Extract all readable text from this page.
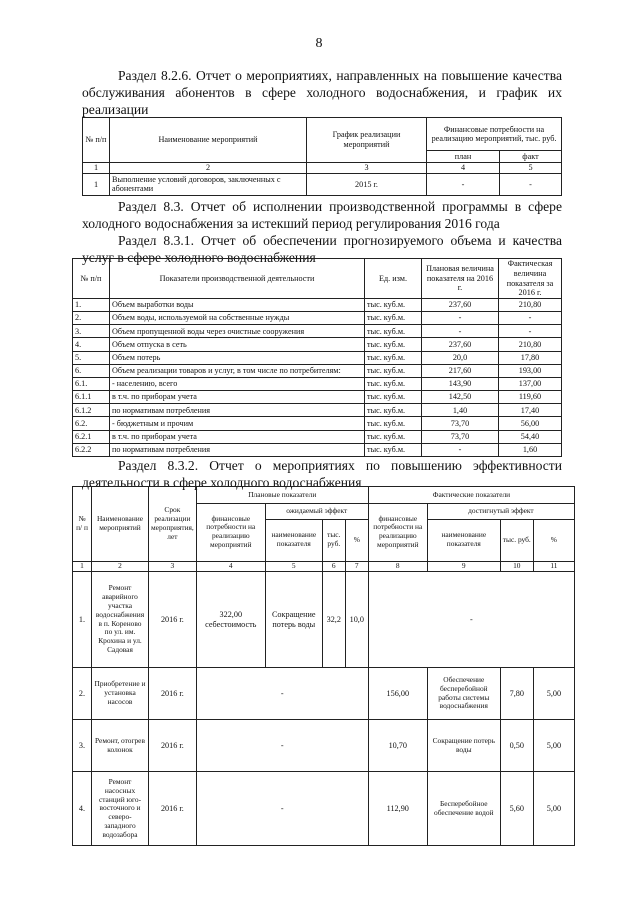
8
Раздел 8.2.6. Отчет о мероприятиях, направленных на повышение качества обслуживания абонентов в сфере холодного водоснабжения, и график их реализации
№ п/п	Наименование мероприятий	График реализации мероприятий	Финансовые потребности на реализацию мероприятий, тыс. руб.	
			план	факт
1	2	3	4	5
1	Выполнение условий договоров, заключенных с абонентами	2015 г.	-	-
Раздел 8.3. Отчет об исполнении производственной программы в сфере холодного водоснабжения за истекший период регулирования 2016 года
Раздел 8.3.1. Отчет об обеспечении прогнозируемого объема и качества услуг в сфере холодного водоснабжения
№ п/п	Показатели производственной деятельности	Ед. изм.	Плановая величина показателя на 2016 г.	Фактическая величина показателя за 2016 г.
1.	Объем выработки воды	тыс. куб.м.	237,60	210,80
2.	Объем воды, используемой на собственные нужды	тыс. куб.м.	-	-
3.	Объем пропущенной воды через очистные сооружения	тыс. куб.м.	-	-
4.	Объем отпуска в сеть	тыс. куб.м.	237,60	210,80
5.	Объем потерь	тыс. куб.м.	20,0	17,80
6.	Объем реализации товаров и услуг, в том числе по потребителям:	тыс. куб.м.	217,60	193,00
6.1.	- населению, всего	тыс. куб.м.	143,90	137,00
6.1.1	в т.ч. по приборам учета	тыс. куб.м.	142,50	119,60
6.1.2	по нормативам потребления	тыс. куб.м.	1,40	17,40
6.2.	- бюджетным и прочим	тыс. куб.м.	73,70	56,00
6.2.1	в т.ч. по приборам учета	тыс. куб.м.	73,70	54,40
6.2.2	по нормативам потребления	тыс. куб.м.	-	1,60
Раздел 8.3.2. Отчет о мероприятиях по повышению эффективности деятельности в сфере холодного водоснабжения
№ п/ п	Наименование мероприятий	Срок реализации мероприятия, лет	Плановые показатели				Фактические показатели			
			финансовые потребности на реализацию мероприятий	ожидаемый эффект			финансовые потребности на реализацию мероприятий	достигнутый эффект		
				наименование показателя	тыс. руб.	%		наименование показателя	тыс. руб.	%
1	2	3	4	5	6	7	8	9	10	11
1.	Ремонт аварийного участка водоснабжения в п. Кореново по ул. им. Крохина и ул. Садовая	2016 г.	322,00 себестоимость	Сокращение потерь воды	32,2	10,0	-			
2.	Приобретение и установка насосов	2016 г.	-				156,00	Обеспечение бесперебойной работы системы водоснабжения	7,80	5,00
3.	Ремонт, отогрев колонок	2016 г.	-				10,70	Сокращение потерь воды	0,50	5,00
4.	Ремонт насосных станций юго-восточного и северо-западного водозабора	2016 г.	-				112,90	Бесперебойное обеспечение водой	5,60	5,00
